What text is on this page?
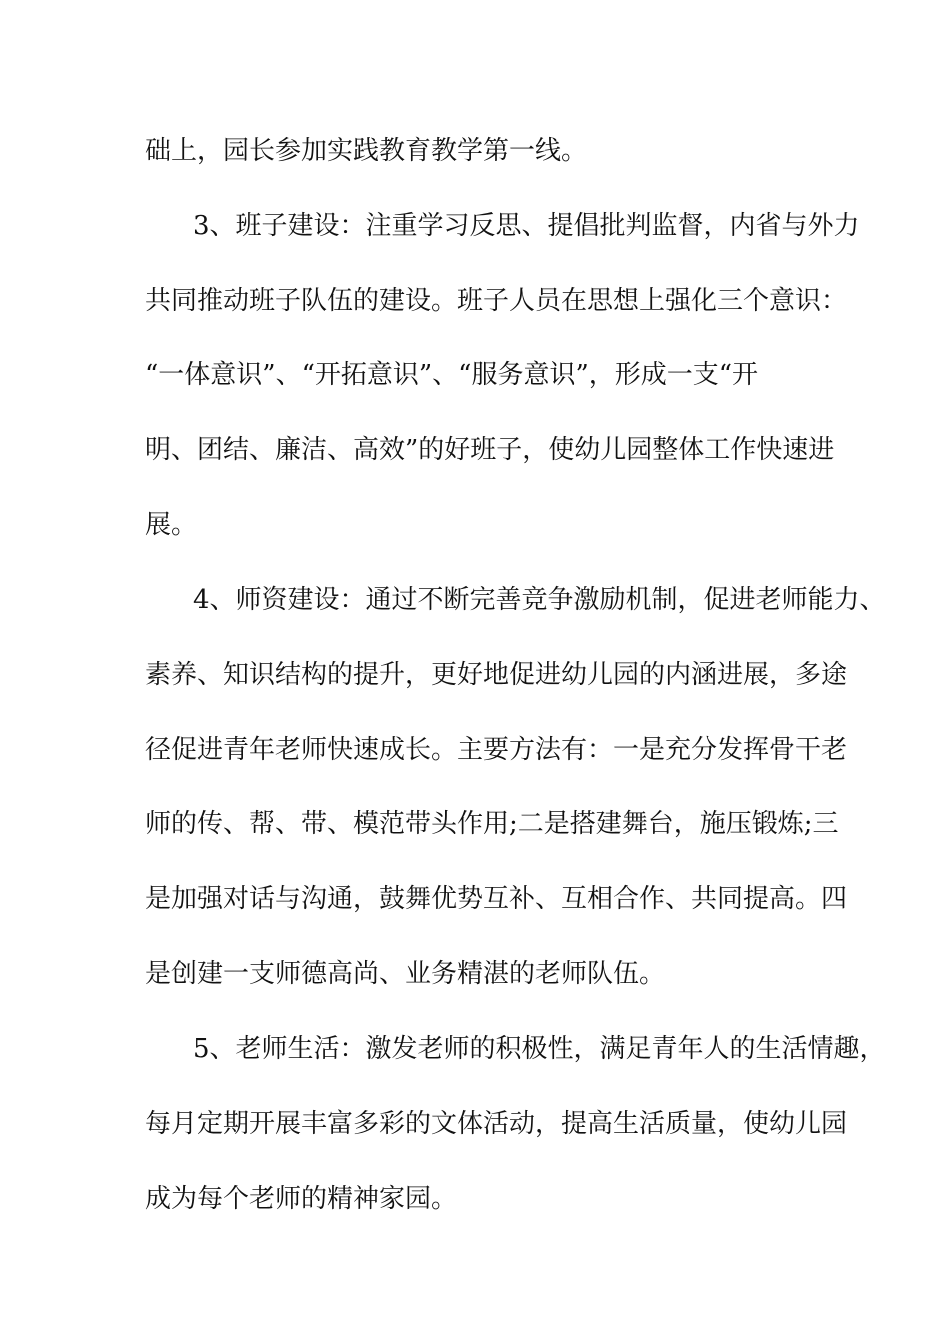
础上，园长参加实践教育教学第一线。
3、班子建设：注重学习反思、提倡批判监督，内省与外力
共同推动班子队伍的建设。班子人员在思想上强化三个意识：
“一体意识”、“开拓意识”、“服务意识”，形成一支“开
明、团结、廉洁、高效”的好班子，使幼儿园整体工作快速进
展。
4、师资建设：通过不断完善竞争激励机制，促进老师能力、
素养、知识结构的提升，更好地促进幼儿园的内涵进展，多途
径促进青年老师快速成长。主要方法有：一是充分发挥骨干老
师的传、帮、带、模范带头作用;二是搭建舞台，施压锻炼;三
是加强对话与沟通，鼓舞优势互补、互相合作、共同提高。四
是创建一支师德高尚、业务精湛的老师队伍。
5、老师生活：激发老师的积极性，满足青年人的生活情趣，
每月定期开展丰富多彩的文体活动，提高生活质量，使幼儿园
成为每个老师的精神家园。
